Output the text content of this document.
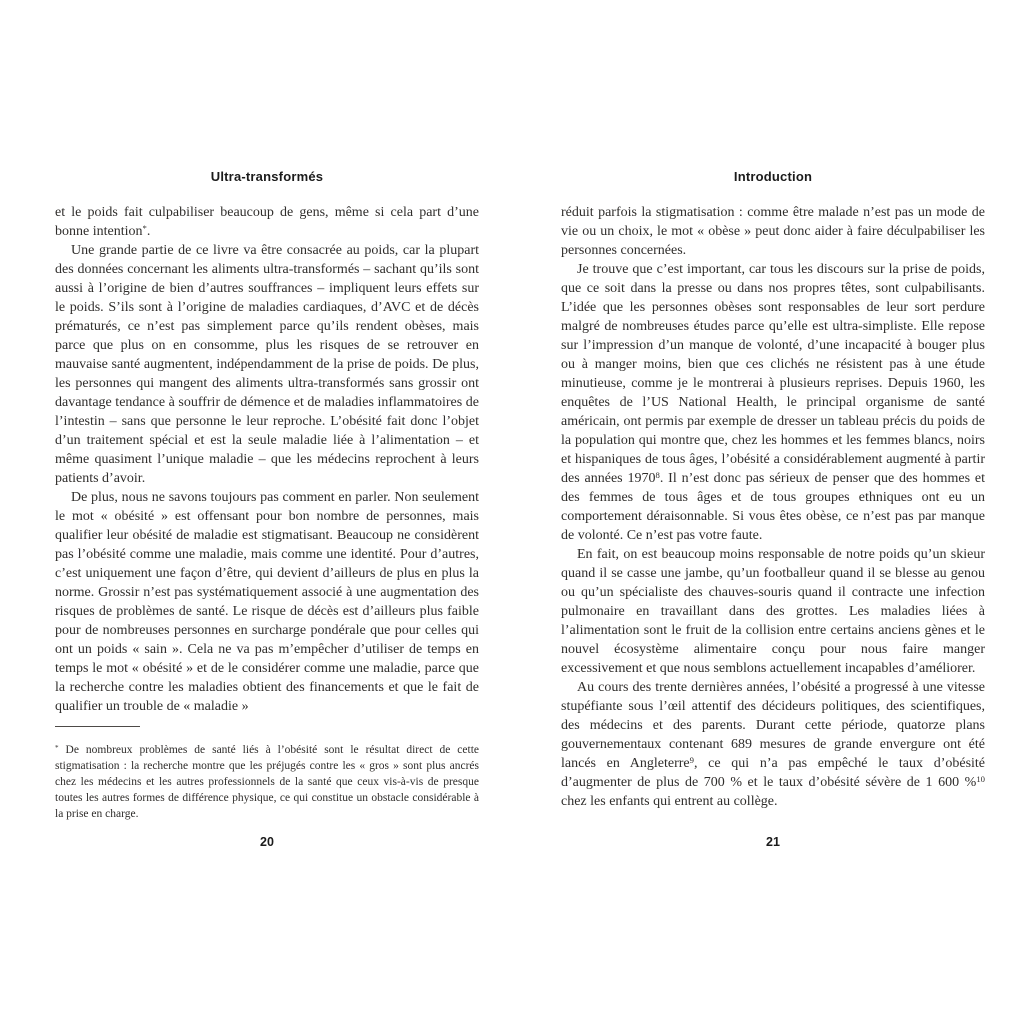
Ultra-transformés

et le poids fait culpabiliser beaucoup de gens, même si cela part d’une bonne intention*.

Une grande partie de ce livre va être consacrée au poids, car la plupart des données concernant les aliments ultra-transformés – sachant qu’ils sont aussi à l’origine de bien d’autres souffrances – impliquent leurs effets sur le poids. S’ils sont à l’origine de maladies cardiaques, d’AVC et de décès prématurés, ce n’est pas simplement parce qu’ils rendent obèses, mais parce que plus on en consomme, plus les risques de se retrouver en mauvaise santé augmentent, indépendamment de la prise de poids. De plus, les personnes qui mangent des aliments ultra-transformés sans grossir ont davantage tendance à souffrir de démence et de maladies inflammatoires de l’intestin – sans que personne le leur reproche. L’obésité fait donc l’objet d’un traitement spécial et est la seule maladie liée à l’alimentation – et même quasiment l’unique maladie – que les médecins reprochent à leurs patients d’avoir.

De plus, nous ne savons toujours pas comment en parler. Non seulement le mot « obésité » est offensant pour bon nombre de personnes, mais qualifier leur obésité de maladie est stigmatisant. Beaucoup ne considèrent pas l’obésité comme une maladie, mais comme une identité. Pour d’autres, c’est uniquement une façon d’être, qui devient d’ailleurs de plus en plus la norme. Grossir n’est pas systématiquement associé à une augmentation des risques de problèmes de santé. Le risque de décès est d’ailleurs plus faible pour de nombreuses personnes en surcharge pondérale que pour celles qui ont un poids « sain ». Cela ne va pas m’empêcher d’utiliser de temps en temps le mot « obésité » et de le considérer comme une maladie, parce que la recherche contre les maladies obtient des financements et que le fait de qualifier un trouble de « maladie »

* De nombreux problèmes de santé liés à l’obésité sont le résultat direct de cette stigmatisation : la recherche montre que les préjugés contre les « gros » sont plus ancrés chez les médecins et les autres professionnels de la santé que ceux vis-à-vis de presque toutes les autres formes de différence physique, ce qui constitue un obstacle considérable à la prise en charge.

20
Introduction

réduit parfois la stigmatisation : comme être malade n’est pas un mode de vie ou un choix, le mot « obèse » peut donc aider à faire déculpabiliser les personnes concernées.

Je trouve que c’est important, car tous les discours sur la prise de poids, que ce soit dans la presse ou dans nos propres têtes, sont culpabilisants. L’idée que les personnes obèses sont responsables de leur sort perdure malgré de nombreuses études parce qu’elle est ultra-simpliste. Elle repose sur l’impression d’un manque de volonté, d’une incapacité à bouger plus ou à manger moins, bien que ces clichés ne résistent pas à une étude minutieuse, comme je le montrerai à plusieurs reprises. Depuis 1960, les enquêtes de l’US National Health, le principal organisme de santé américain, ont permis par exemple de dresser un tableau précis du poids de la population qui montre que, chez les hommes et les femmes blancs, noirs et hispaniques de tous âges, l’obésité a considérablement augmenté à partir des années 1970$^8$. Il n’est donc pas sérieux de penser que des hommes et des femmes de tous âges et de tous groupes ethniques ont eu un comportement déraisonnable. Si vous êtes obèse, ce n’est pas par manque de volonté. Ce n’est pas votre faute.

En fait, on est beaucoup moins responsable de notre poids qu’un skieur quand il se casse une jambe, qu’un footballeur quand il se blesse au genou ou qu’un spécialiste des chauves-souris quand il contracte une infection pulmonaire en travaillant dans des grottes. Les maladies liées à l’alimentation sont le fruit de la collision entre certains anciens gènes et le nouvel écosystème alimentaire conçu pour nous faire manger excessivement et que nous semblons actuellement incapables d’améliorer.

Au cours des trente dernières années, l’obésité a progressé à une vitesse stupéfiante sous l’œil attentif des décideurs politiques, des scientifiques, des médecins et des parents. Durant cette période, quatorze plans gouvernementaux contenant 689 mesures de grande envergure ont été lancés en Angleterre$^9$, ce qui n’a pas empêché le taux d’obésité d’augmenter de plus de 700 % et le taux d’obésité sévère de 1 600 %$^{10}$ chez les enfants qui entrent au collège.

21
